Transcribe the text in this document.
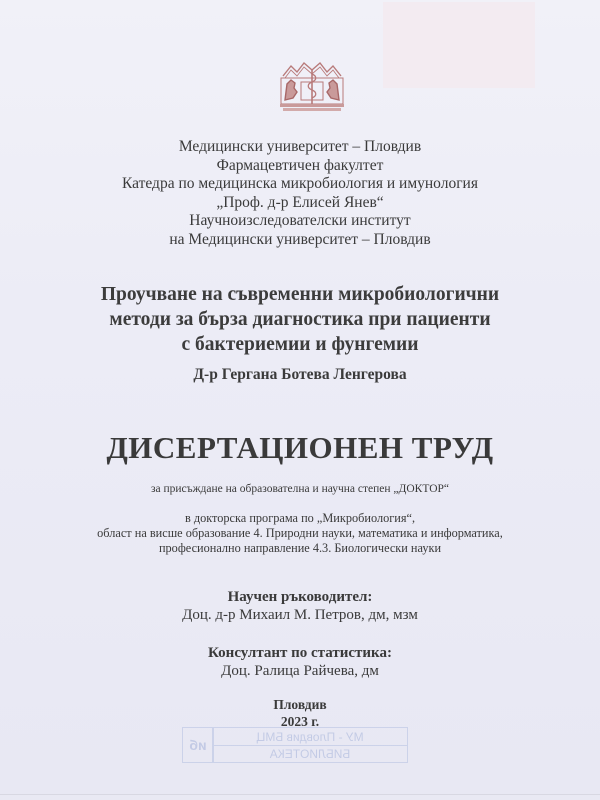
Медицински университет – Пловдив
Фармацевтичен факултет
Катедра по медицинска микробиология и имунология
„Проф. д-р Елисей Янев“
Научноизследователски институт
на Медицински университет – Пловдив
Проучване на съвременни микробиологични
методи за бърза диагностика при пациенти
с бактериемии и фунгемии
Д-р Гергана Ботева Ленгерова
ДИСЕРТАЦИОНЕН ТРУД
за присъждане на образователна и научна степен „ДОКТОР“
в докторска програма по „Микробиология“,
област на висше образование 4. Природни науки, математика и информатика,
професионално направление 4.3. Биологически науки
Научен ръководител:
Доц. д-р Михаил М. Петров, дм, мзм
Консултант по статистика:
Доц. Ралица Райчева, дм
Пловдив
2023 г.
МУ - Пловдив БМЦ
БИБЛИОТЕКА
иб
